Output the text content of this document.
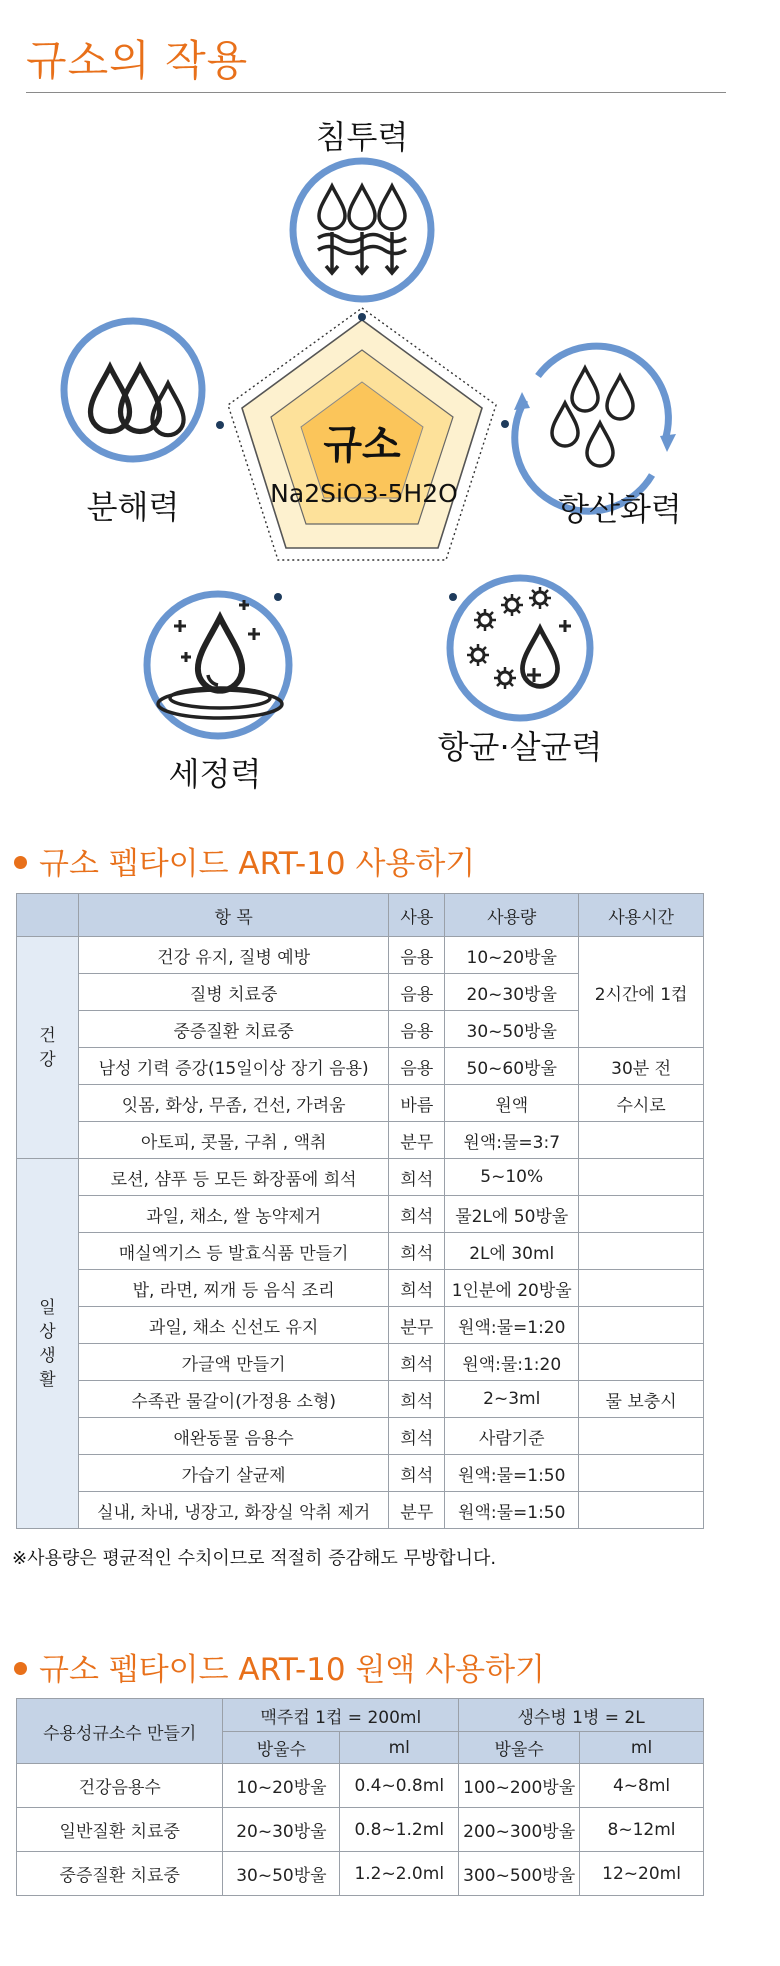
규소의 작용
규소
Na2SiO3-5H2O
침투력
항산화력
항균·살균력
세정력
분해력
규소 펩타이드 ART-10 사용하기
	항 목	사용	사용량	사용시간
건
강	건강 유지, 질병 예방	음용	10~20방울	2시간에 1컵
	질병 치료중	음용	20~30방울	
	중증질환 치료중	음용	30~50방울	
	남성 기력 증강(15일이상 장기 음용)	음용	50~60방울	30분 전
	잇몸, 화상, 무좀, 건선, 가려움	바름	원액	수시로
	아토피, 콧물, 구취 , 액취	분무	원액:물=3:7	
일
상
생
활	로션, 샴푸 등 모든 화장품에 희석	희석	5~10%	
	과일, 채소, 쌀 농약제거	희석	물2L에 50방울	
	매실엑기스 등 발효식품 만들기	희석	2L에 30ml	
	밥, 라면, 찌개 등 음식 조리	희석	1인분에 20방울	
	과일, 채소 신선도 유지	분무	원액:물=1:20	
	가글액 만들기	희석	원액:물:1:20	
	수족관 물갈이(가정용 소형)	희석	2~3ml	물 보충시
	애완동물 음용수	희석	사람기준	
	가습기 살균제	희석	원액:물=1:50	
	실내, 차내, 냉장고, 화장실 악취 제거	분무	원액:물=1:50	

※사용량은 평균적인 수치이므로 적절히 증감해도 무방합니다.

규소 펩타이드 ART-10 원액 사용하기
수용성규소수 만들기	맥주컵 1컵 = 200ml		생수병 1병 = 2L	
	방울수	ml	방울수	ml
건강음용수	10~20방울	0.4~0.8ml	100~200방울	4~8ml
일반질환 치료중	20~30방울	0.8~1.2ml	200~300방울	8~12ml
중증질환 치료중	30~50방울	1.2~2.0ml	300~500방울	12~20ml
